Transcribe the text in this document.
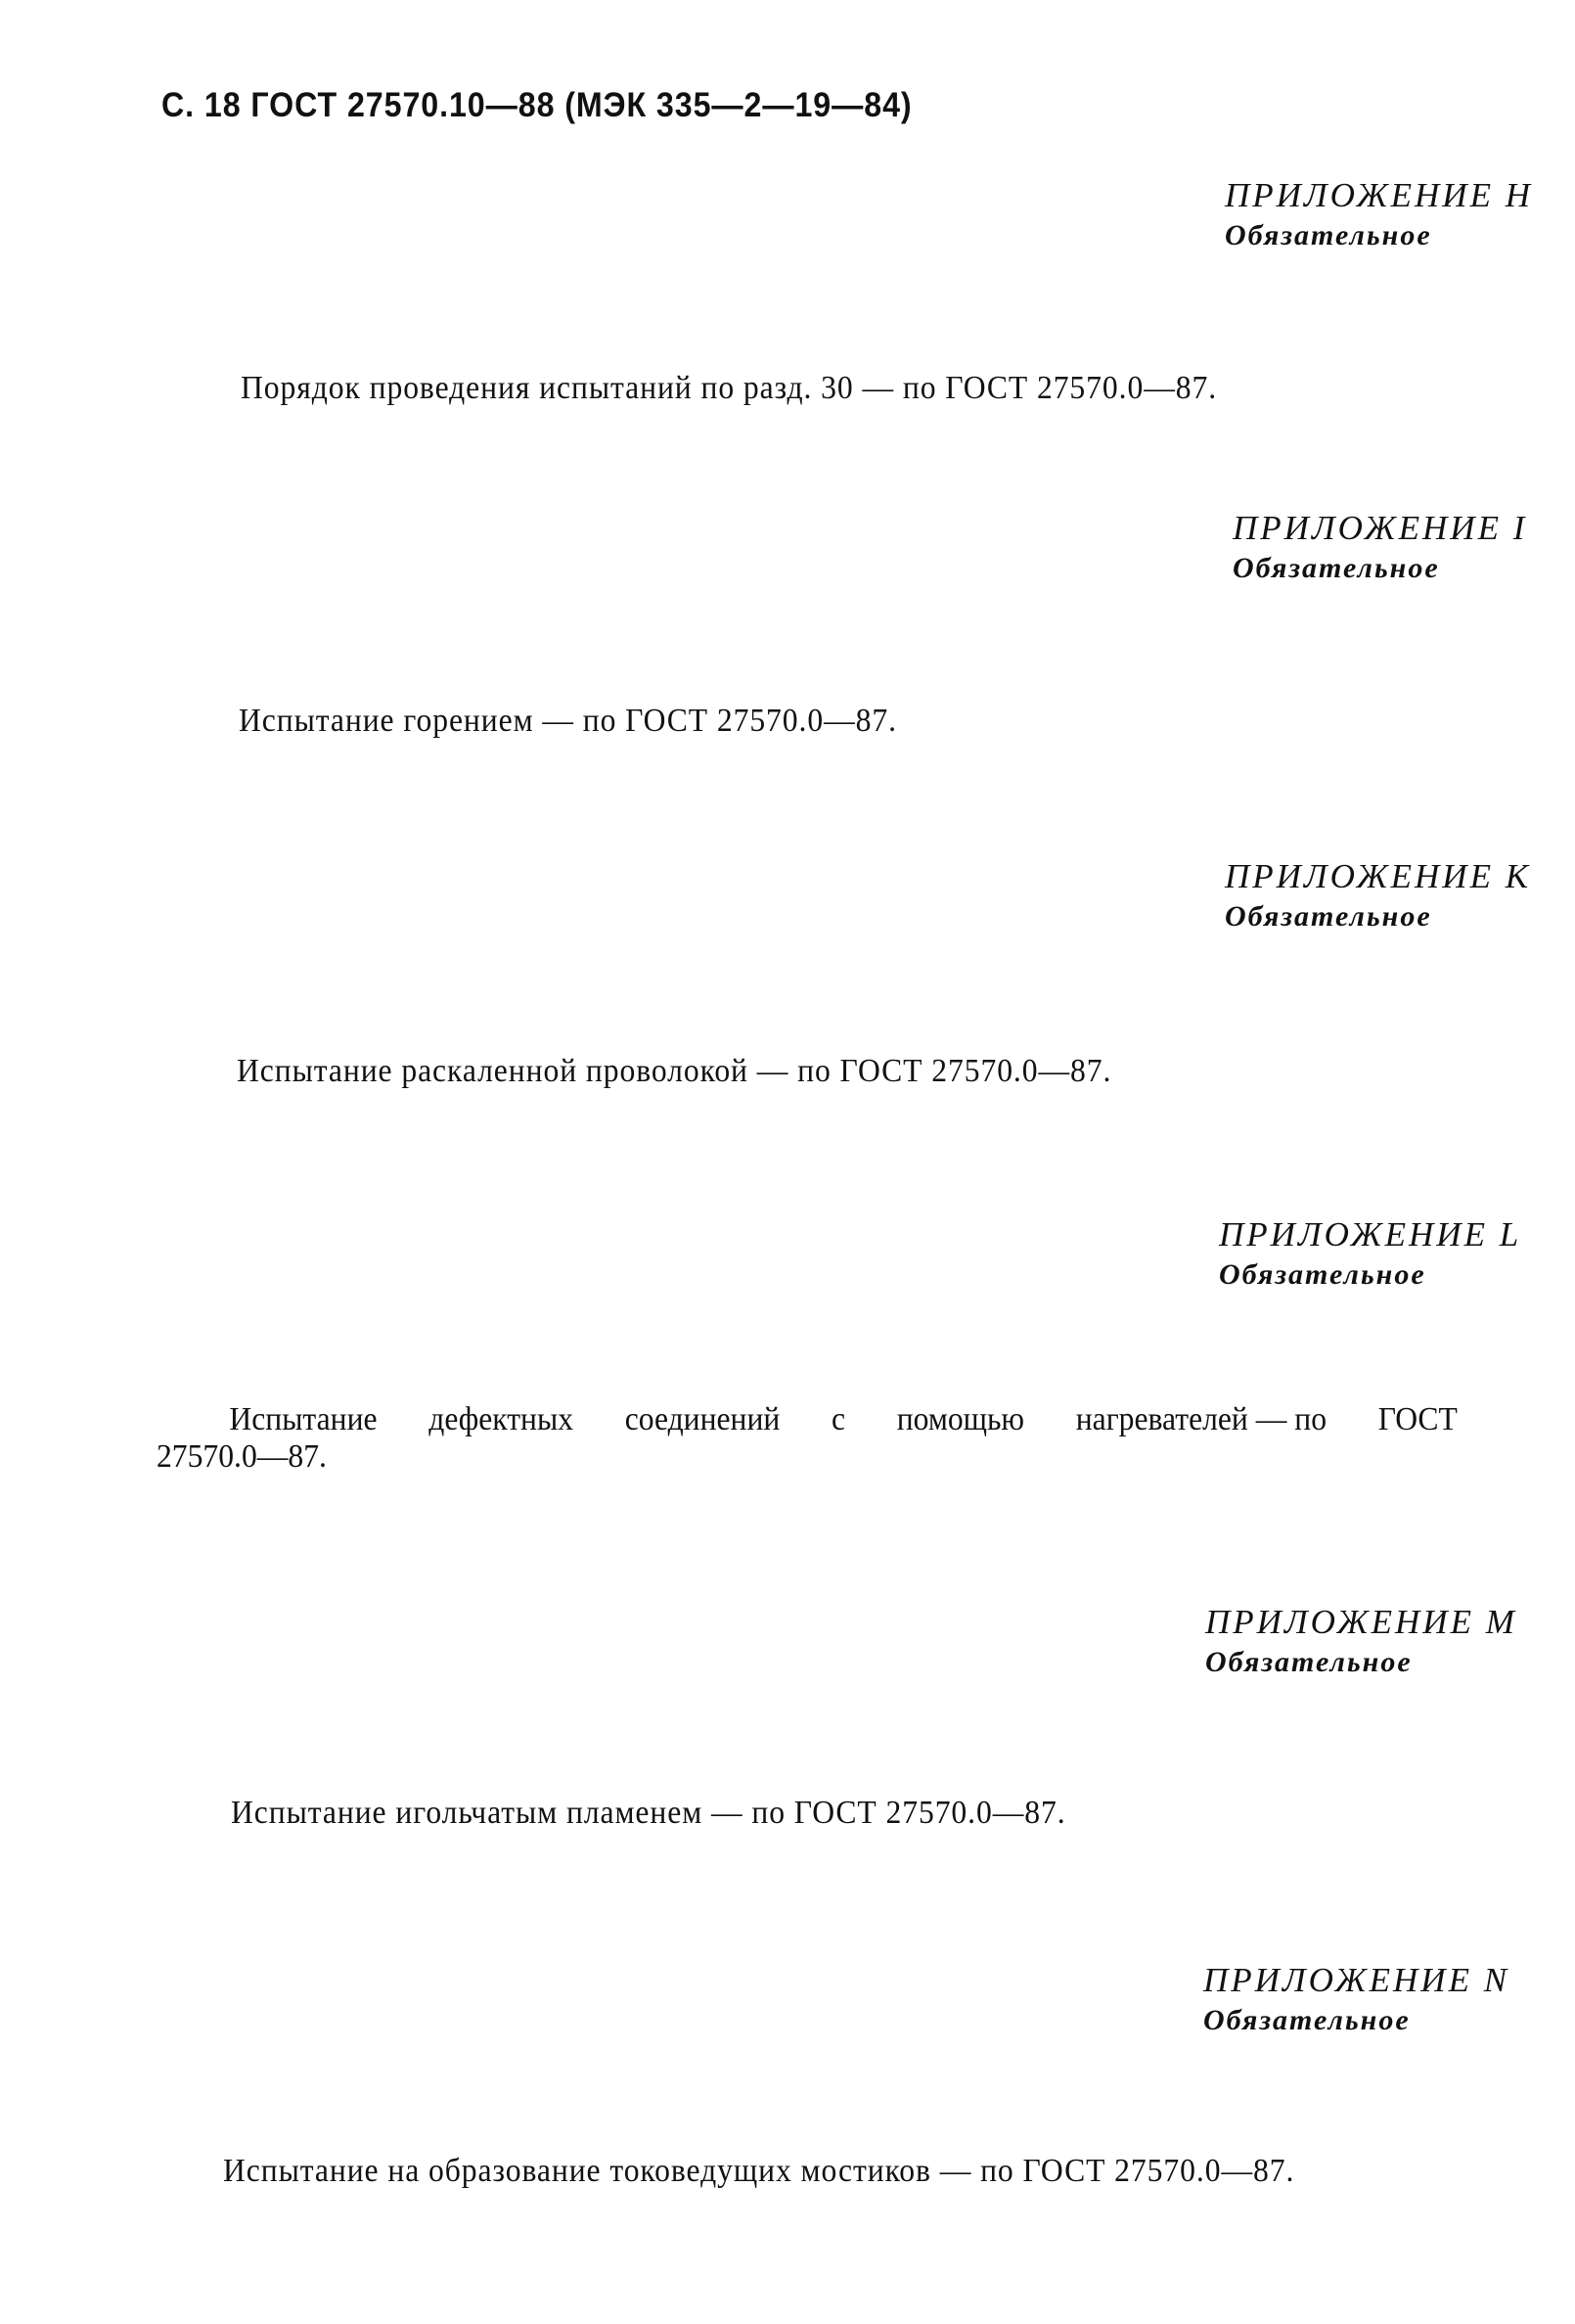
С. 18 ГОСТ 27570.10—88 (МЭК 335—2—19—84)
ПРИЛОЖЕНИЕ H
Обязательное
Порядок проведения испытаний по разд. 30 — по ГОСТ 27570.0—87.
ПРИЛОЖЕНИЕ I
Обязательное
Испытание горением — по ГОСТ 27570.0—87.
ПРИЛОЖЕНИЕ К
Обязательное
Испытание раскаленной проволокой — по ГОСТ 27570.0—87.
ПРИЛОЖЕНИЕ L
Обязательное
Испытание дефектных соединений с помощью нагревателей — по ГОСТ
27570.0—87.
ПРИЛОЖЕНИЕ М
Обязательное
Испытание игольчатым пламенем — по ГОСТ 27570.0—87.
ПРИЛОЖЕНИЕ N
Обязательное
Испытание на образование токоведущих мостиков — по ГОСТ 27570.0—87.
